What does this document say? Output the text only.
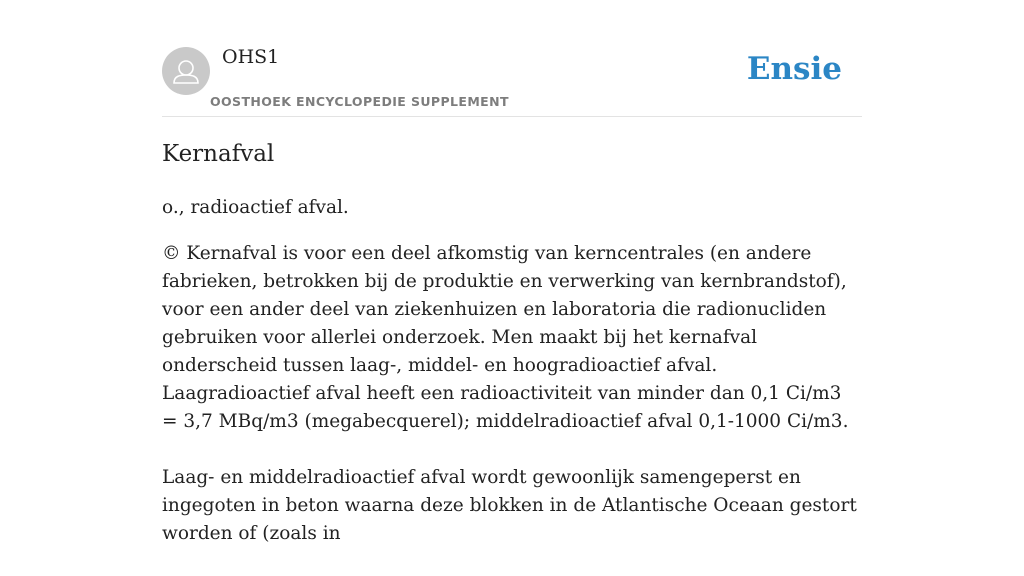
OHS1
OOSTHOEK ENCYCLOPEDIE SUPPLEMENT
Ensie
Kernafval

o., radioactief afval.

© Kernafval is voor een deel afkomstig van kerncentrales (en andere fabrieken, betrokken bij de produktie en verwerking van kernbrandstof), voor een ander deel van ziekenhuizen en laboratoria die radionucliden gebruiken voor allerlei onderzoek. Men maakt bij het kernafval onderscheid tussen laag-, middel- en hoogradioactief afval. Laagradioactief afval heeft een radioactiviteit van minder dan 0,1 Ci/m3 = 3,7 MBq/m3 (megabecquerel); middelradioactief afval 0,1-1000 Ci/m3.

Laag- en middelradioactief afval wordt gewoonlijk samengeperst en ingegoten in beton waarna deze blokken in de Atlantische Oceaan gestort worden of (zoals in
